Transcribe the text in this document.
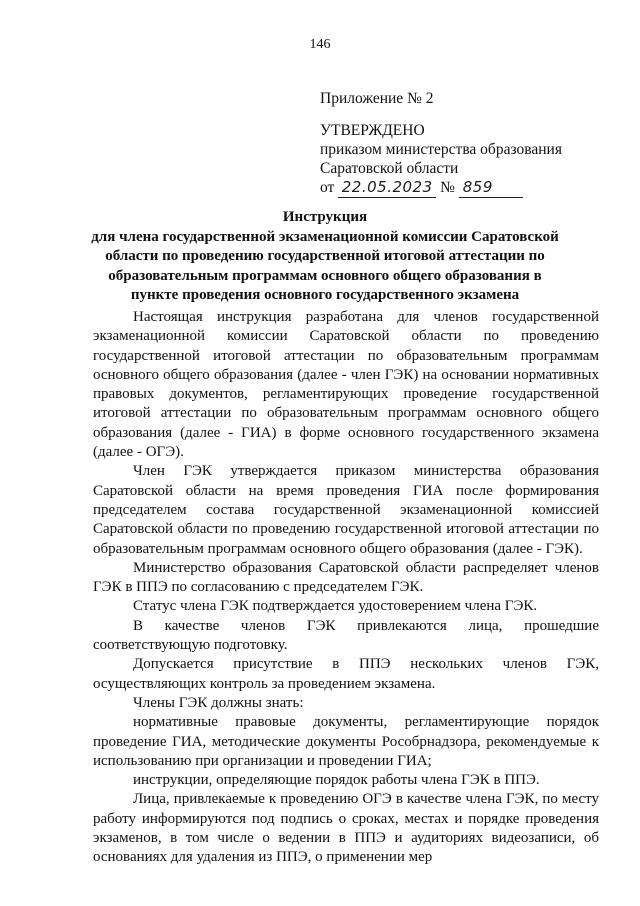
146
Приложение № 2
УТВЕРЖДЕНО
приказом министерства образования
Саратовской области
от 22.05.2023 № 859
Инструкция
для члена государственной экзаменационной комиссии Саратовской области по проведению государственной итоговой аттестации по образовательным программам основного общего образования в пункте проведения основного государственного экзамена

Настоящая инструкция разработана для членов государственной экзаменационной комиссии Саратовской области по проведению государственной итоговой аттестации по образовательным программам основного общего образования (далее - член ГЭК) на основании нормативных правовых документов, регламентирующих проведение государственной итоговой аттестации по образовательным программам основного общего образования (далее - ГИА) в форме основного государственного экзамена (далее - ОГЭ).

Член ГЭК утверждается приказом министерства образования Саратовской области на время проведения ГИА после формирования председателем состава государственной экзаменационной комиссией Саратовской области по проведению государственной итоговой аттестации по образовательным программам основного общего образования (далее - ГЭК).

Министерство образования Саратовской области распределяет членов ГЭК в ППЭ по согласованию с председателем ГЭК.

Статус члена ГЭК подтверждается удостоверением члена ГЭК.

В качестве членов ГЭК привлекаются лица, прошедшие соответствующую подготовку.

Допускается присутствие в ППЭ нескольких членов ГЭК, осуществляющих контроль за проведением экзамена.

Члены ГЭК должны знать:

нормативные правовые документы, регламентирующие порядок проведение ГИА, методические документы Рособрнадзора, рекомендуемые к использованию при организации и проведении ГИА;

инструкции, определяющие порядок работы члена ГЭК в ППЭ.

Лица, привлекаемые к проведению ОГЭ в качестве члена ГЭК, по месту работу информируются под подпись о сроках, местах и порядке проведения экзаменов, в том числе о ведении в ППЭ и аудиториях видеозаписи, об основаниях для удаления из ППЭ, о применении мер
